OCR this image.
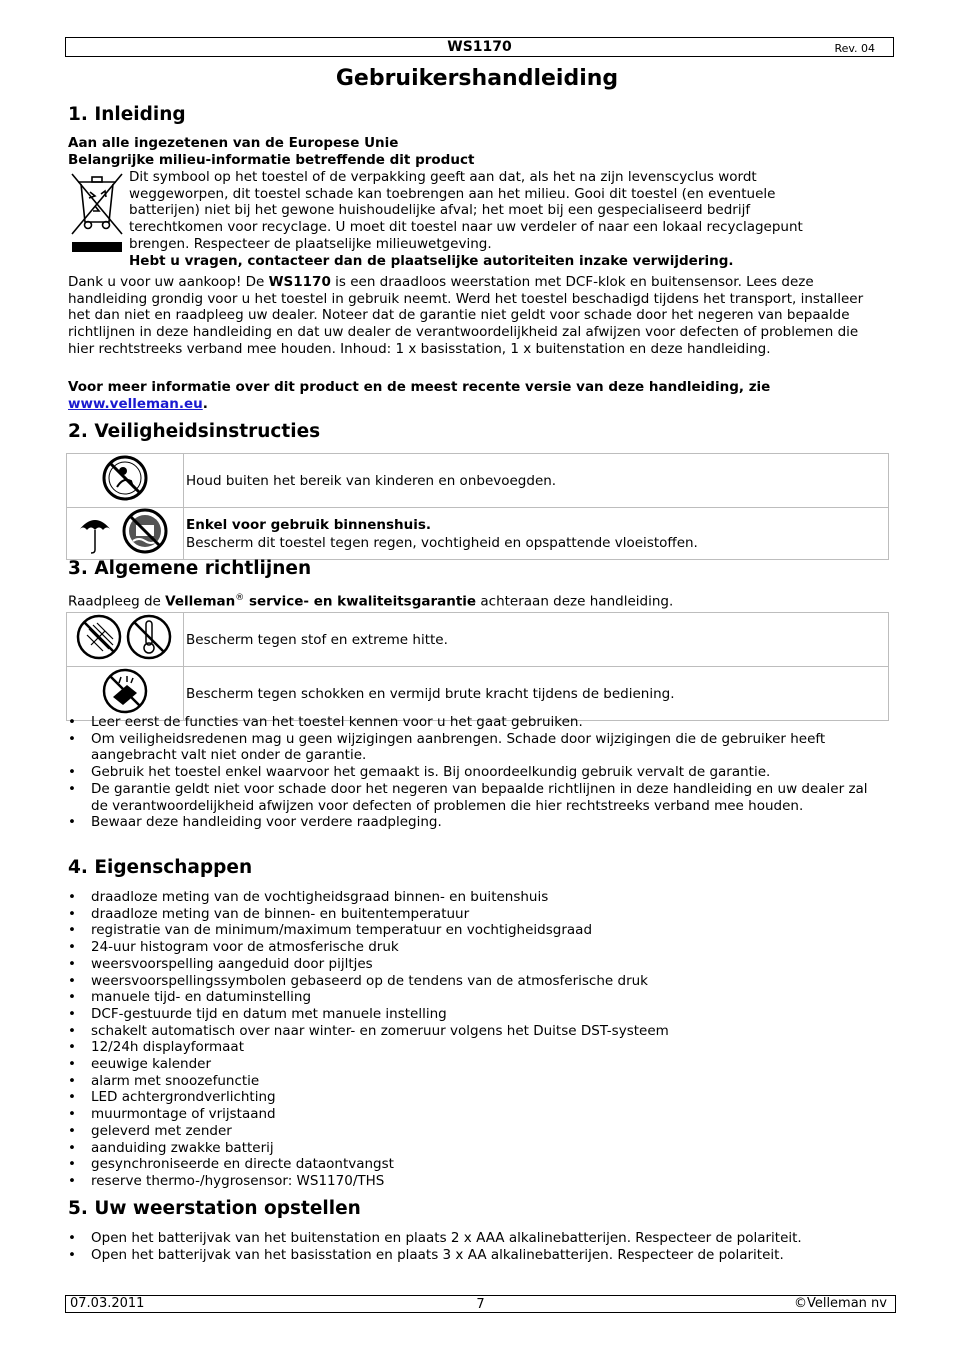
WS1170	Rev. 04
Gebruikershandleiding
1. Inleiding
Aan alle ingezetenen van de Europese Unie
Belangrijke milieu-informatie betreffende dit product
Dit symbool op het toestel of de verpakking geeft aan dat, als het na zijn levenscyclus wordt
weggeworpen, dit toestel schade kan toebrengen aan het milieu. Gooi dit toestel (en eventuele
batterijen) niet bij het gewone huishoudelijke afval; het moet bij een gespecialiseerd bedrijf
terechtkomen voor recyclage. U moet dit toestel naar uw verdeler of naar een lokaal recyclagepunt
brengen. Respecteer de plaatselijke milieuwetgeving.
Hebt u vragen, contacteer dan de plaatselijke autoriteiten inzake verwijdering.
Dank u voor uw aankoop! De WS1170 is een draadloos weerstation met DCF-klok en buitensensor. Lees deze handleiding grondig voor u het toestel in gebruik neemt. Werd het toestel beschadigd tijdens het transport, installeer het dan niet en raadpleeg uw dealer. Noteer dat de garantie niet geldt voor schade door het negeren van bepaalde richtlijnen in deze handleiding en dat uw dealer de verantwoordelijkheid zal afwijzen voor defecten of problemen die hier rechtstreeks verband mee houden. Inhoud: 1 x basisstation, 1 x buitenstation en deze handleiding.
Voor meer informatie over dit product en de meest recente versie van deze handleiding, zie
www.velleman.eu.
2. Veiligheidsinstructies
	Houd buiten het bereik van kinderen en onbevoegden.

Enkel voor gebruik binnenshuis.
Bescherm dit toestel tegen regen, vochtigheid en opspattende vloeistoffen.
3. Algemene richtlijnen
Raadpleeg de Velleman® service- en kwaliteitsgarantie achteraan deze handleiding.
	Bescherm tegen stof en extreme hitte.
	Bescherm tegen schokken en vermijd brute kracht tijdens de bediening.
• Leer eerst de functies van het toestel kennen voor u het gaat gebruiken.
• Om veiligheidsredenen mag u geen wijzigingen aanbrengen. Schade door wijzigingen die de gebruiker heeft aangebracht valt niet onder de garantie.
• Gebruik het toestel enkel waarvoor het gemaakt is. Bij onoordeelkundig gebruik vervalt de garantie.
• De garantie geldt niet voor schade door het negeren van bepaalde richtlijnen in deze handleiding en uw dealer zal de verantwoordelijkheid afwijzen voor defecten of problemen die hier rechtstreeks verband mee houden.
• Bewaar deze handleiding voor verdere raadpleging.
4. Eigenschappen
• draadloze meting van de vochtigheidsgraad binnen- en buitenshuis
• draadloze meting van de binnen- en buitentemperatuur
• registratie van de minimum/maximum temperatuur en vochtigheidsgraad
• 24-uur histogram voor de atmosferische druk
• weersvoorspelling aangeduid door pijltjes
• weersvoorspellingssymbolen gebaseerd op de tendens van de atmosferische druk
• manuele tijd- en datuminstelling
• DCF-gestuurde tijd en datum met manuele instelling
• schakelt automatisch over naar winter- en zomeruur volgens het Duitse DST-systeem
• 12/24h displayformaat
• eeuwige kalender
• alarm met snoozefunctie
• LED achtergrondverlichting
• muurmontage of vrijstaand
• geleverd met zender
• aanduiding zwakke batterij
• gesynchroniseerde en directe dataontvangst
• reserve thermo-/hygrosensor: WS1170/THS
5. Uw weerstation opstellen
• Open het batterijvak van het buitenstation en plaats 2 x AAA alkalinebatterijen. Respecteer de polariteit.
• Open het batterijvak van het basisstation en plaats 3 x AA alkalinebatterijen. Respecteer de polariteit.
07.03.2011	7	©Velleman nv
